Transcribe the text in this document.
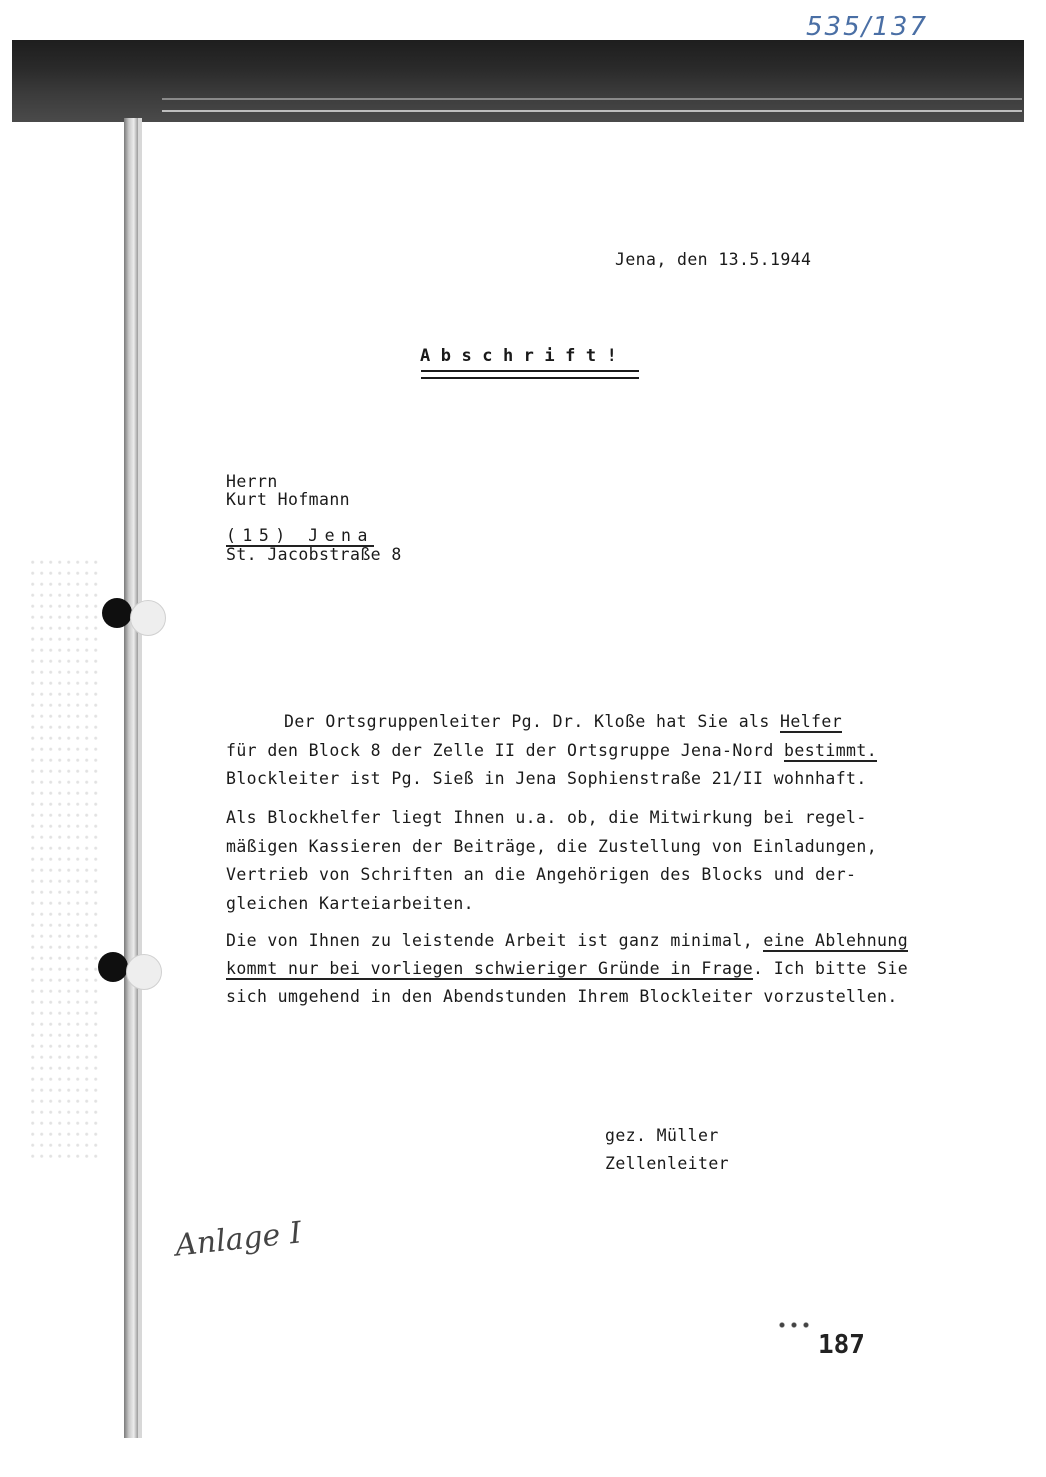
535/137
Jena, den 13.5.1944
Abschrift!
Herrn
Kurt Hofmann
(15) Jena
St. Jacobstraße 8
Der Ortsgruppenleiter Pg. Dr. Kloße hat Sie als Helfer
für den Block 8 der Zelle II der Ortsgruppe Jena-Nord bestimmt.
Blockleiter ist Pg. Sieß in Jena Sophienstraße 21/II wohnhaft.
Als Blockhelfer liegt Ihnen u.a. ob, die Mitwirkung bei regel-
mäßigen Kassieren der Beiträge, die Zustellung von Einladungen,
Vertrieb von Schriften an die Angehörigen des Blocks und der-
gleichen Karteiarbeiten.
Die von Ihnen zu leistende Arbeit ist ganz minimal, eine Ablehnung
kommt nur bei vorliegen schwieriger Gründe in Frage. Ich bitte Sie
sich umgehend in den Abendstunden Ihrem Blockleiter vorzustellen.
gez. Müller
Zellenleiter
Anlage I
187
